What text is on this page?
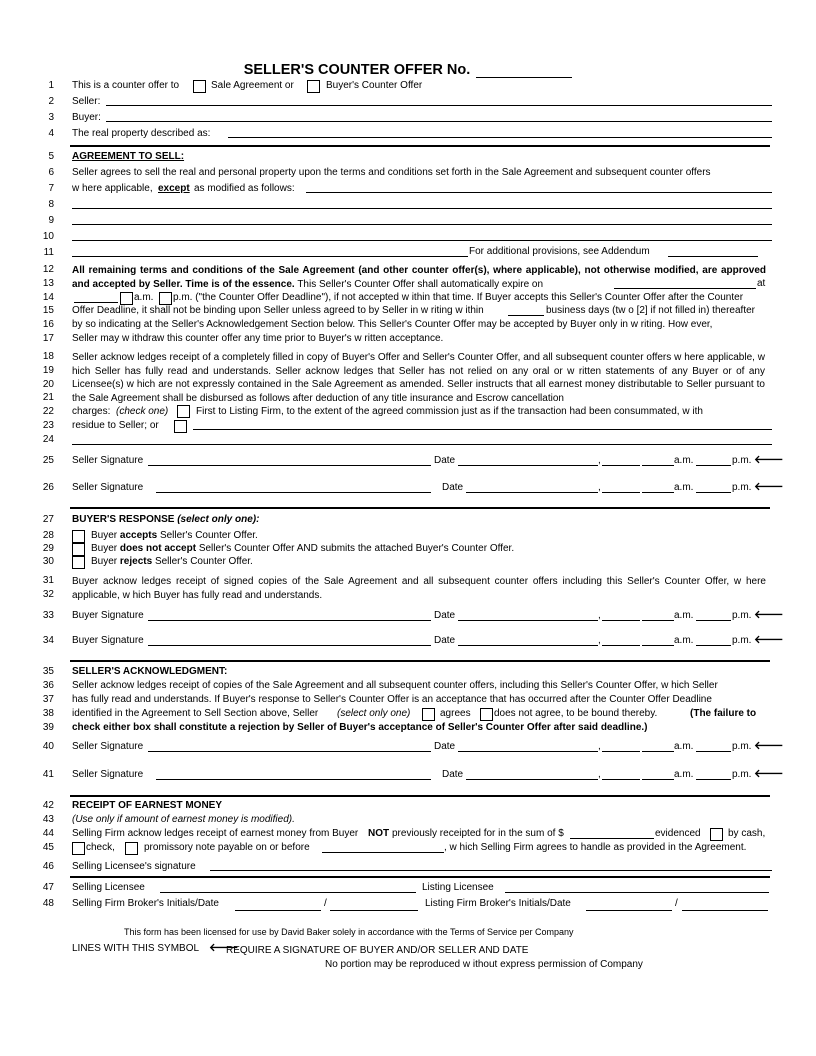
SELLER'S COUNTER OFFER No.
1
2
3
4
5
6
7
8
9
10
11
12
13
14
15
16
17
18
19
20
21
22
23
24
25
26
27
28
29
30
31
32
33
34
35
36
37
38
39
40
41
42
43
44
45
46
47
48
This is a counter offer to	Sale Agreement or	Buyer's Counter Offer
Seller:
Buyer:
The real property described as:
AGREEMENT TO SELL:
Seller agrees to sell the real and personal property upon the terms and conditions set forth in the Sale Agreement and subsequent counter offers
w here applicable, except as modified as follows:
For additional provisions, see Addendum
All remaining terms and conditions of the Sale Agreement (and other counter offer(s), where applicable), not otherwise modified, are approved and accepted by Seller. Time is of the essence. This Seller's Counter Offer shall automatically expire on	at
a.m. p.m. ("the Counter Offer Deadline"), if not accepted w ithin that time. If Buyer accepts this Seller's Counter Offer after the Counter
Offer Deadline, it shall not be binding upon Seller unless agreed to by Seller in w riting w ithin	business days (tw o [2] if not filled in) thereafter
by so indicating at the Seller's Acknowledgement Section below. This Seller's Counter Offer may be accepted by Buyer only in w riting. How ever,
Seller may w ithdraw this counter offer any time prior to Buyer's w ritten acceptance.
Seller acknow ledges receipt of a completely filled in copy of Buyer's Offer and Seller's Counter Offer, and all subsequent counter offers w here applicable, w hich Seller has fully read and understands. Seller acknow ledges that Seller has not relied on any oral or w ritten statements of any Buyer or of any Licensee(s) w hich are not expressly contained in the Sale Agreement as amended. Seller instructs that all earnest money distributable to Seller pursuant to the Sale Agreement shall be disbursed as follows after deduction of any title insurance and Escrow cancellation
charges: (check one)	First to Listing Firm, to the extent of the agreed commission just as if the transaction had been consummated, w ith
residue to Seller; or
Seller Signature	Date	,	a.m.	p.m. 🡐
Seller Signature	Date	,	a.m.	p.m. 🡐
BUYER'S RESPONSE (select only one):
Buyer accepts Seller's Counter Offer.
Buyer does not accept Seller's Counter Offer AND submits the attached Buyer's Counter Offer.
Buyer rejects Seller's Counter Offer.
Buyer acknow ledges receipt of signed copies of the Sale Agreement and all subsequent counter offers including this Seller's Counter Offer, w here applicable, w hich Buyer has fully read and understands.
Buyer Signature	Date	,	a.m.	p.m. 🡐
Buyer Signature	Date	,	a.m.	p.m. 🡐
SELLER'S ACKNOWLEDGMENT:
Seller acknow ledges receipt of copies of the Sale Agreement and all subsequent counter offers, including this Seller's Counter Offer, w hich Seller
has fully read and understands. If Buyer's response to Seller's Counter Offer is an acceptance that has occurred after the Counter Offer Deadline
identified in the Agreement to Sell Section above, Seller (select only one)	agrees does not agree, to be bound thereby.	(The failure to
check either box shall constitute a rejection by Seller of Buyer's acceptance of Seller's Counter Offer after said deadline.)
Seller Signature	Date	,	a.m.	p.m. 🡐
Seller Signature	Date	,	a.m.	p.m. 🡐
RECEIPT OF EARNEST MONEY
(Use only if amount of earnest money is modified).
Selling Firm acknow ledges receipt of earnest money from Buyer NOT previously receipted for in the sum of $	evidenced	by cash,
check,	promissory note payable on or before	, w hich Selling Firm agrees to handle as provided in the Agreement.
Selling Licensee's signature
Selling Licensee	Listing Licensee
Selling Firm Broker's Initials/Date	/	Listing Firm Broker's Initials/Date	/
This form has been licensed for use by David Baker solely in accordance with the Terms of Service per Company
LINES WITH THIS SYMBOL 🡐
REQUIRE A SIGNATURE OF BUYER AND/OR SELLER AND DATE
No portion may be reproduced w ithout express permission of Company
